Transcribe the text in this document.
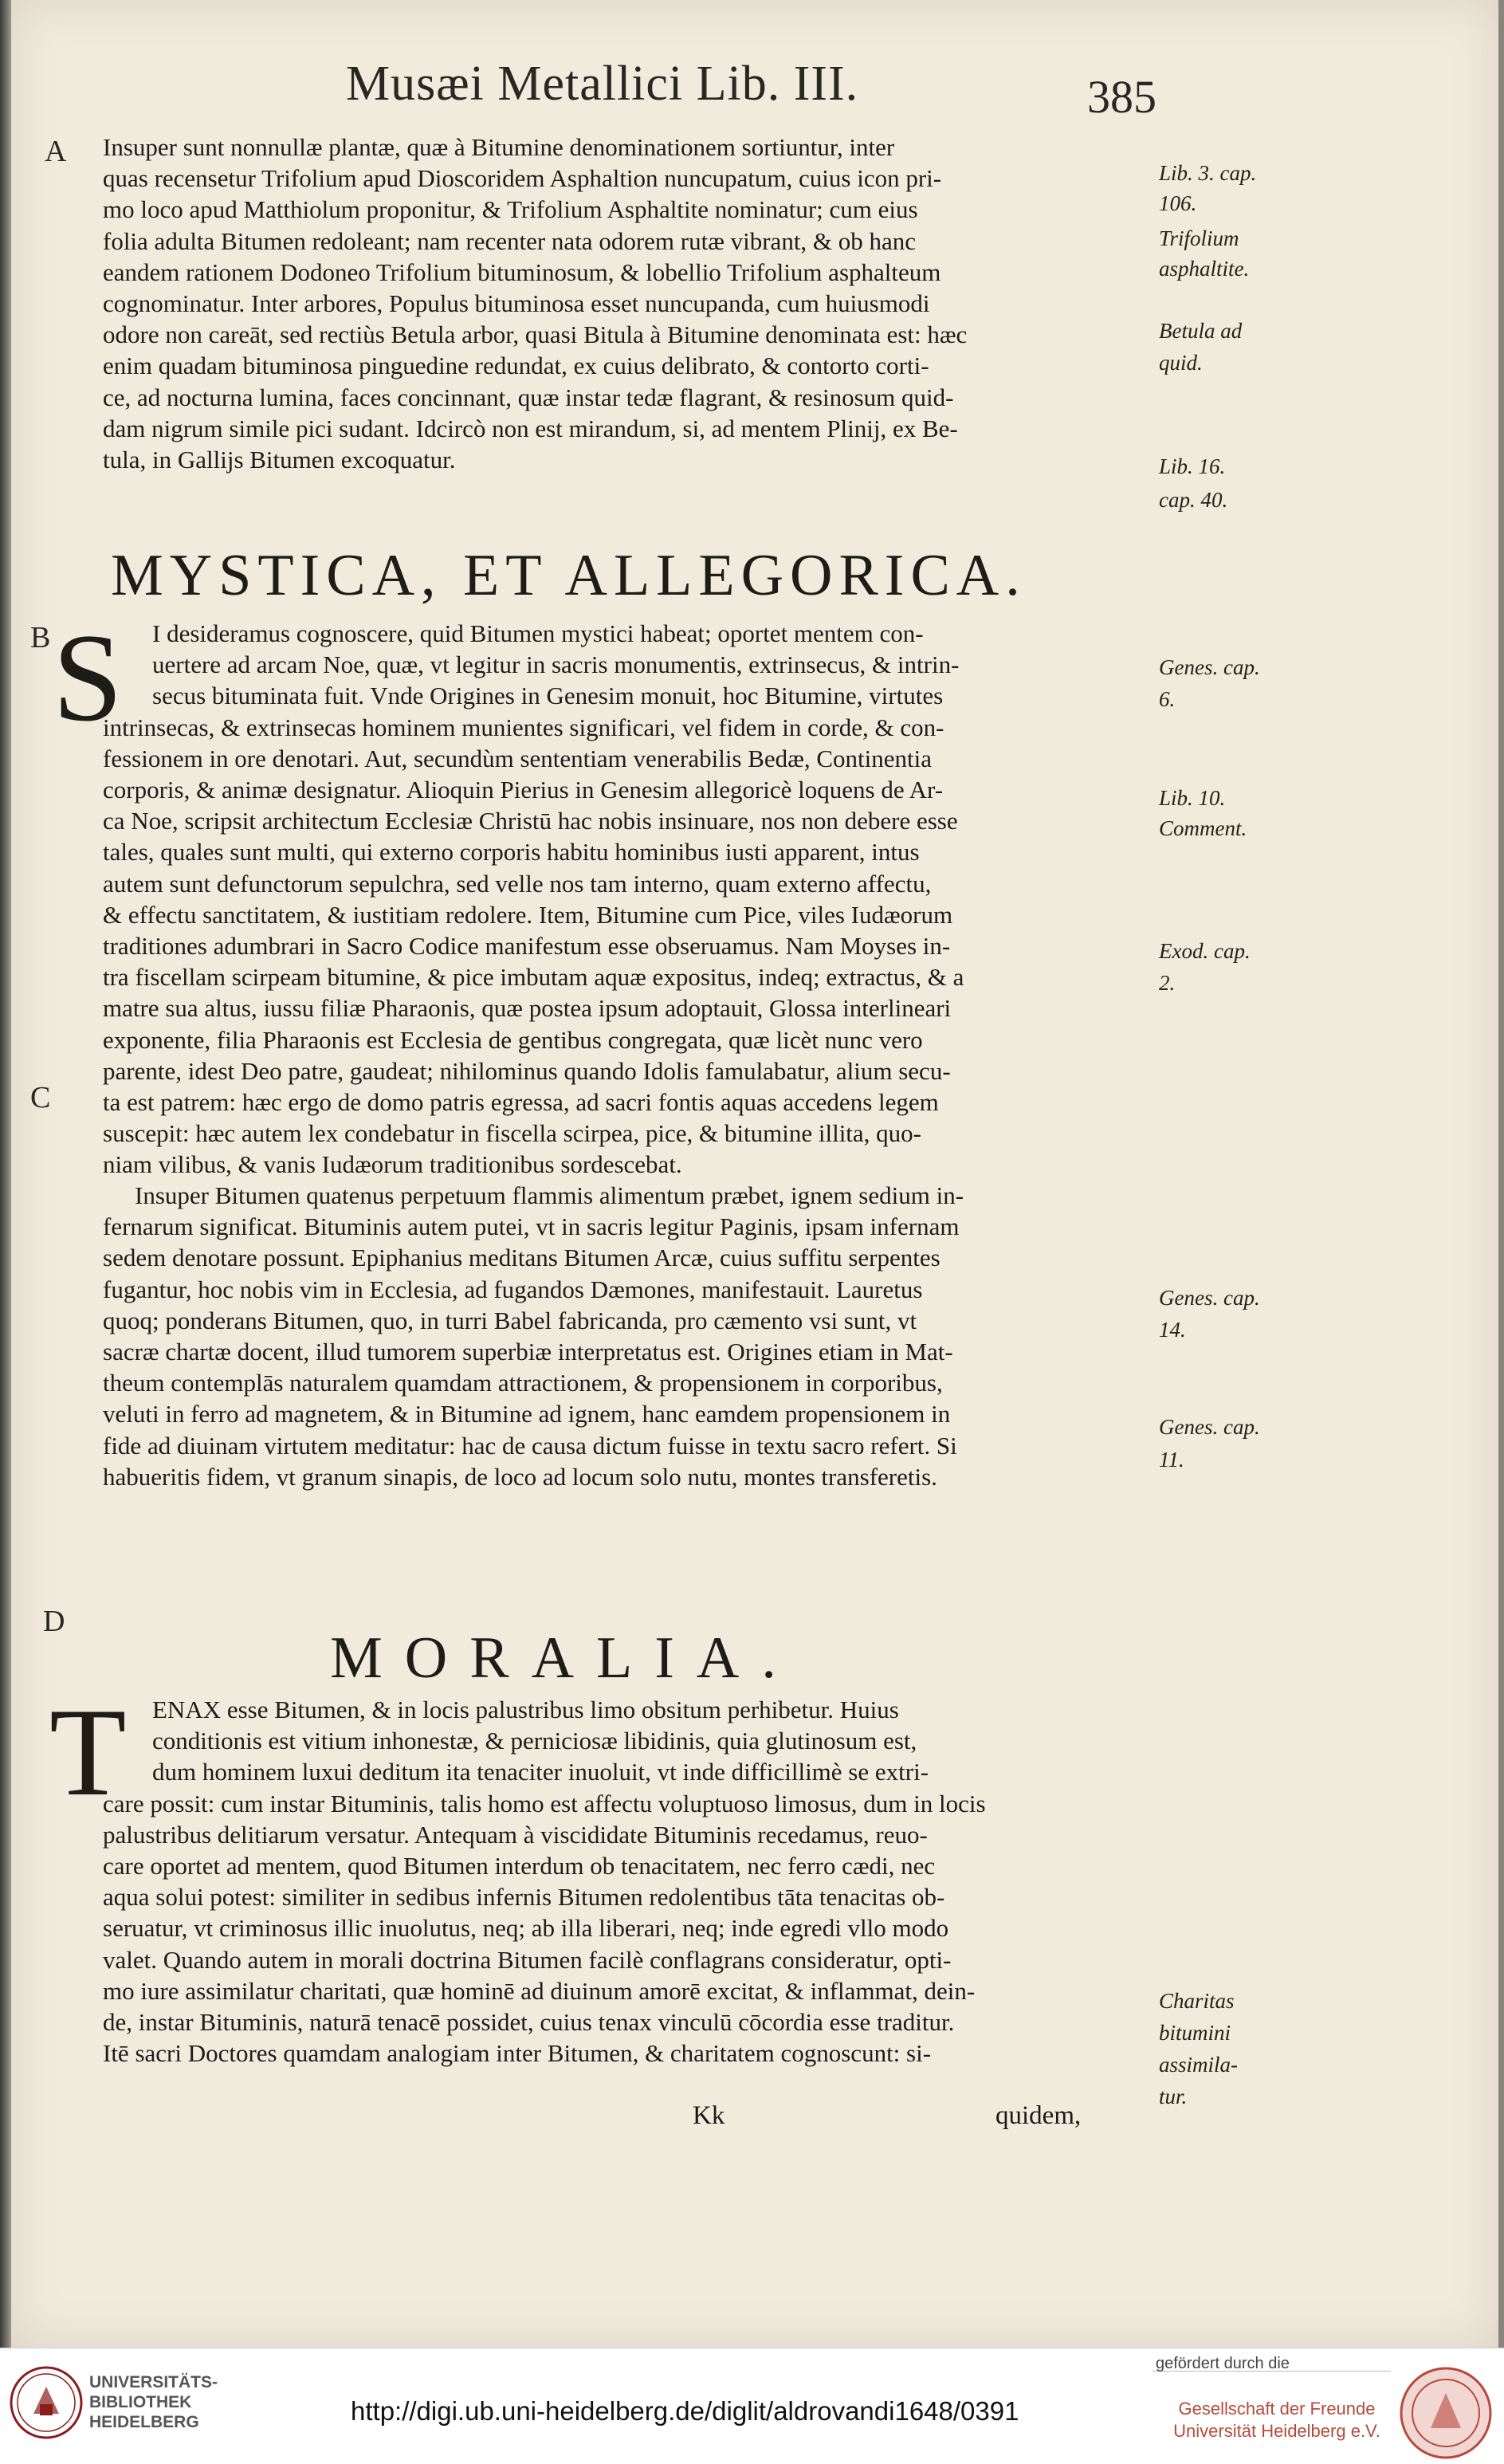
Musæi Metallici Lib. III.	385
A
B
C
D
Insuper sunt nonnullæ plantæ, quæ à Bitumine denominationem sortiuntur, inter
quas recensetur Trifolium apud Dioscoridem Asphaltion nuncupatum, cuius icon pri-
mo loco apud Matthiolum proponitur, & Trifolium Asphaltite nominatur; cum eius
folia adulta Bitumen redoleant; nam recenter nata odorem rutæ vibrant, & ob hanc
eandem rationem Dodoneo Trifolium bituminosum, & lobellio Trifolium asphalteum
cognominatur. Inter arbores, Populus bituminosa esset nuncupanda, cum huiusmodi
odore non careāt, sed rectiùs Betula arbor, quasi Bitula à Bitumine denominata est: hæc
enim quadam bituminosa pinguedine redundat, ex cuius delibrato, & contorto corti-
ce, ad nocturna lumina, faces concinnant, quæ instar tedæ flagrant, & resinosum quid-
dam nigrum simile pici sudant. Idcircò non est mirandum, si, ad mentem Plinij, ex Be-
tula, in Gallijs Bitumen excoquatur.
MYSTICA, ET ALLEGORICA.
S	I desideramus cognoscere, quid Bitumen mystici habeat; oportet mentem con-
uertere ad arcam Noe, quæ, vt legitur in sacris monumentis, extrinsecus, & intrin-
secus bituminata fuit. Vnde Origines in Genesim monuit, hoc Bitumine, virtutes
intrinsecas, & extrinsecas hominem munientes significari, vel fidem in corde, & con-
fessionem in ore denotari. Aut, secundùm sententiam venerabilis Bedæ, Continentia
corporis, & animæ designatur. Alioquin Pierius in Genesim allegoricè loquens de Ar-
ca Noe, scripsit architectum Ecclesiæ Christū hac nobis insinuare, nos non debere esse
tales, quales sunt multi, qui externo corporis habitu hominibus iusti apparent, intus
autem sunt defunctorum sepulchra, sed velle nos tam interno, quam externo affectu,
& effectu sanctitatem, & iustitiam redolere. Item, Bitumine cum Pice, viles Iudæorum
traditiones adumbrari in Sacro Codice manifestum esse obseruamus. Nam Moyses in-
tra fiscellam scirpeam bitumine, & pice imbutam aquæ expositus, indeq; extractus, & a
matre sua altus, iussu filiæ Pharaonis, quæ postea ipsum adoptauit, Glossa interlineari
exponente, filia Pharaonis est Ecclesia de gentibus congregata, quæ licèt nunc vero
parente, idest Deo patre, gaudeat; nihilominus quando Idolis famulabatur, alium secu-
ta est patrem: hæc ergo de domo patris egressa, ad sacri fontis aquas accedens legem
suscepit: hæc autem lex condebatur in fiscella scirpea, pice, & bitumine illita, quo-
niam vilibus, & vanis Iudæorum traditionibus sordescebat.
Insuper Bitumen quatenus perpetuum flammis alimentum præbet, ignem sedium in-
fernarum significat. Bituminis autem putei, vt in sacris legitur Paginis, ipsam infernam
sedem denotare possunt. Epiphanius meditans Bitumen Arcæ, cuius suffitu serpentes
fugantur, hoc nobis vim in Ecclesia, ad fugandos Dæmones, manifestauit. Lauretus
quoq; ponderans Bitumen, quo, in turri Babel fabricanda, pro cæmento vsi sunt, vt
sacræ chartæ docent, illud tumorem superbiæ interpretatus est. Origines etiam in Mat-
theum contemplās naturalem quamdam attractionem, & propensionem in corporibus,
veluti in ferro ad magnetem, & in Bitumine ad ignem, hanc eamdem propensionem in
fide ad diuinam virtutem meditatur: hac de causa dictum fuisse in textu sacro refert. Si
habueritis fidem, vt granum sinapis, de loco ad locum solo nutu, montes transferetis.
MORALIA.
T	ENAX esse Bitumen, & in locis palustribus limo obsitum perhibetur. Huius
conditionis est vitium inhonestæ, & perniciosæ libidinis, quia glutinosum est,
dum hominem luxui deditum ita tenaciter inuoluit, vt inde difficillimè se extri-
care possit: cum instar Bituminis, talis homo est affectu voluptuoso limosus, dum in locis
palustribus delitiarum versatur. Antequam à viscididate Bituminis recedamus, reuo-
care oportet ad mentem, quod Bitumen interdum ob tenacitatem, nec ferro cædi, nec
aqua solui potest: similiter in sedibus infernis Bitumen redolentibus tāta tenacitas ob-
seruatur, vt criminosus illic inuolutus, neq; ab illa liberari, neq; inde egredi vllo modo
valet. Quando autem in morali doctrina Bitumen facilè conflagrans consideratur, opti-
mo iure assimilatur charitati, quæ hominē ad diuinum amorē excitat, & inflammat, dein-
de, instar Bituminis, naturā tenacē possidet, cuius tenax vinculū cōcordia esse traditur.
Itē sacri Doctores quamdam analogiam inter Bitumen, & charitatem cognoscunt: si-
Lib. 3. cap.
106.
Trifolium
asphaltite.
Betula ad
quid.
Lib. 16.
cap. 40.
Genes. cap.
6.
Lib. 10.
Comment.
Exod. cap.
2.
Genes. cap.
14.
Genes. cap.
11.
Charitas
bitumini
assimila-
tur.
Kk	quidem,
UNIVERSITÄTS-
BIBLIOTHEK
HEIDELBERG	http://digi.ub.uni-heidelberg.de/diglit/aldrovandi1648/0391
gefördert durch die
Gesellschaft der Freunde
Universität Heidelberg e.V.
